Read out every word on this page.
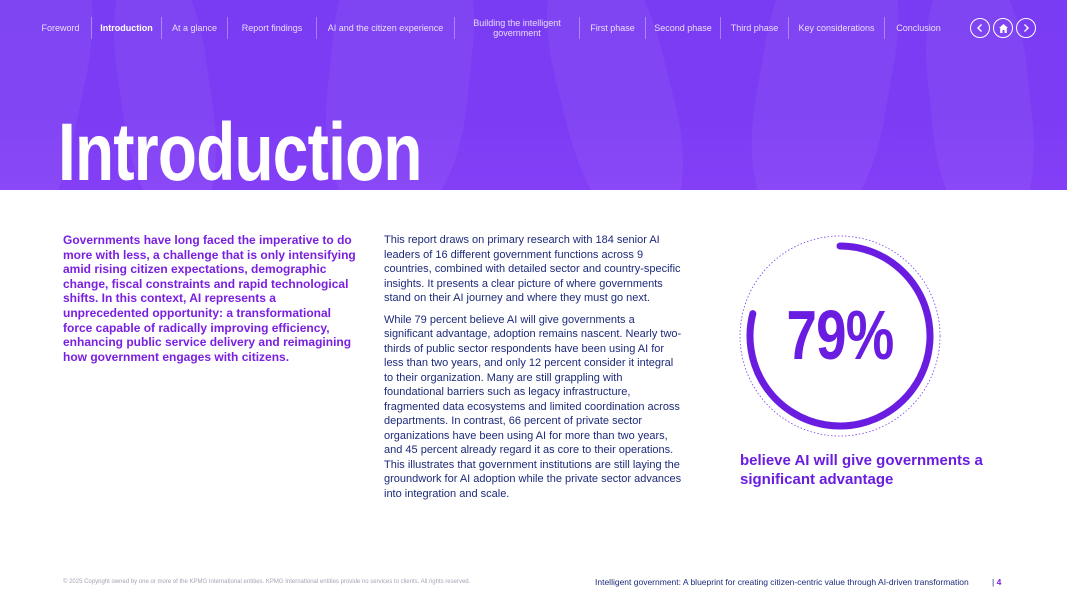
Foreword Introduction At a glance	Report findings	AI and the citizen experience	Building the intelligent government	First phase Second phase Third phase Key considerations Conclusion
Introduction

Governments have long faced the imperative to do more with less, a challenge that is only intensifying amid rising citizen expectations, demographic change, fiscal constraints and rapid technological shifts. In this context, AI represents a unprecedented opportunity: a transformational force capable of radically improving efficiency, enhancing public service delivery and reimagining how government engages with citizens.

This report draws on primary research with 184 senior AI leaders of 16 different government functions across 9 countries, combined with detailed sector and country-specific insights. It presents a clear picture of where governments stand on their AI journey and where they must go next.

While 79 percent believe AI will give governments a significant advantage, adoption remains nascent. Nearly two-thirds of public sector respondents have been using AI for less than two years, and only 12 percent consider it integral to their organization. Many are still grappling with foundational barriers such as legacy infrastructure, fragmented data ecosystems and limited coordination across departments. In contrast, 66 percent of private sector organizations have been using AI for more than two years, and 45 percent already regard it as core to their operations. This illustrates that government institutions are still laying the groundwork for AI adoption while the private sector advances into integration and scale.

79%

believe AI will give governments a significant advantage

© 2025 Copyright owned by one or more of the KPMG International entities. KPMG International entities provide no services to clients. All rights reserved.	Intelligent government: A blueprint for creating citizen-centric value through AI-driven transformation	| 4
